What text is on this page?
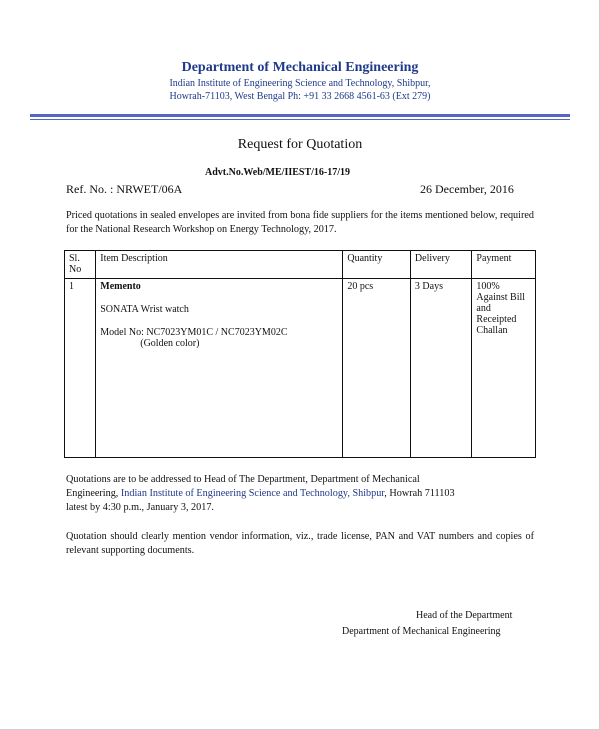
Department of Mechanical Engineering
Indian Institute of Engineering Science and Technology, Shibpur,
Howrah-71103, West Bengal Ph: +91 33 2668 4561-63 (Ext 279)
Request for Quotation
Advt.No.Web/ME/IIEST/16-17/19
Ref. No. : NRWET/06A	26 December, 2016
Priced quotations in sealed envelopes are invited from bona fide suppliers for the items mentioned below, required for the National Research Workshop on Energy Technology, 2017.
Sl. No	Item Description	Quantity	Delivery	Payment
1	Memento
SONATA Wrist watch
Model No: NC7023YM01C / NC7023YM02C
(Golden color)	20 pcs	3 Days	100% Against Bill and Receipted Challan
Quotations are to be addressed to Head of The Department, Department of Mechanical
Engineering, Indian Institute of Engineering Science and Technology, Shibpur, Howrah 711103
latest by 4:30 p.m., January 3, 2017.
Quotation should clearly mention vendor information, viz., trade license, PAN and VAT numbers and copies of relevant supporting documents.
Head of the Department
Department of Mechanical Engineering
